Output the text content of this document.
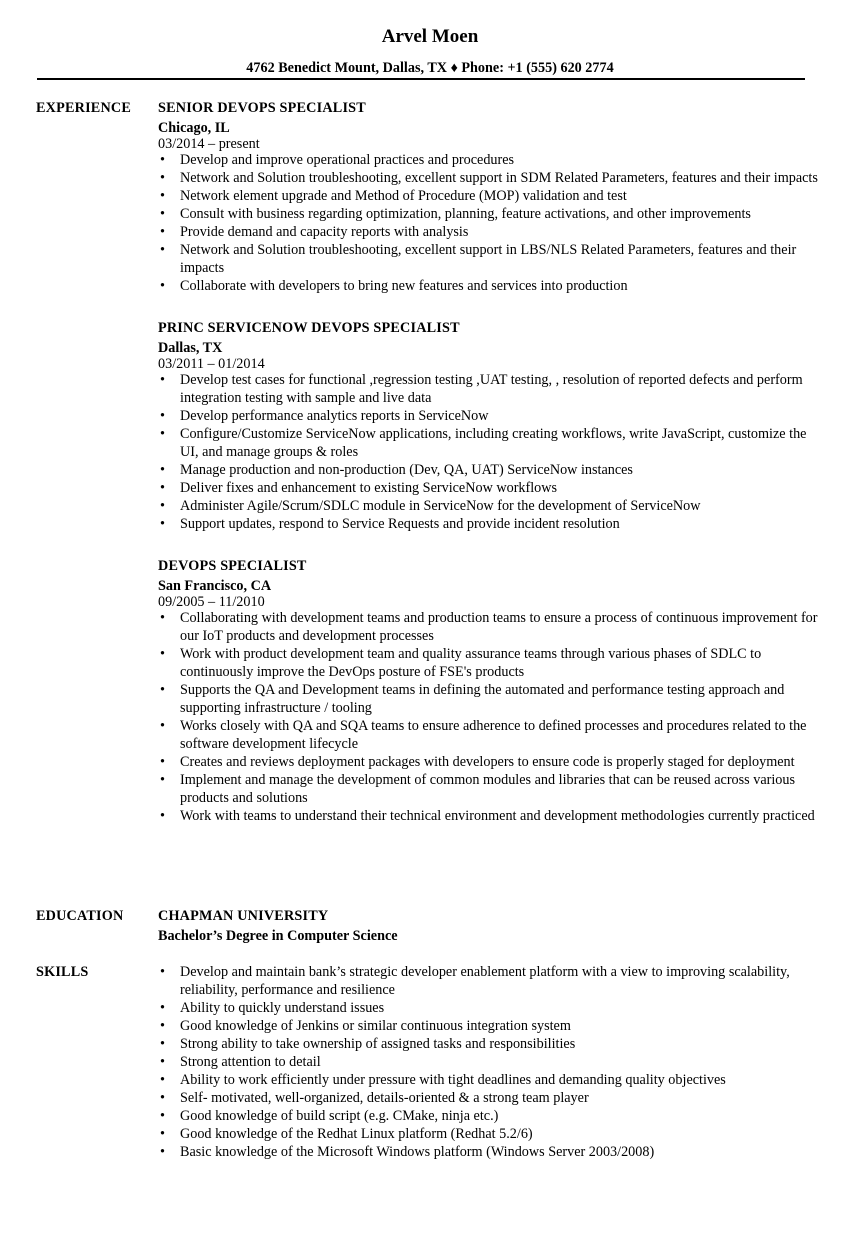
Arvel Moen
4762 Benedict Mount, Dallas, TX ♦ Phone: +1 (555) 620 2774
EXPERIENCE SENIOR DEVOPS SPECIALIST
Chicago, IL
03/2014 – present
• Develop and improve operational practices and procedures
• Network and Solution troubleshooting, excellent support in SDM Related Parameters, features and their impacts
• Network element upgrade and Method of Procedure (MOP) validation and test
• Consult with business regarding optimization, planning, feature activations, and other improvements
• Provide demand and capacity reports with analysis
• Network and Solution troubleshooting, excellent support in LBS/NLS Related Parameters, features and their impacts
• Collaborate with developers to bring new features and services into production
PRINC SERVICENOW DEVOPS SPECIALIST
Dallas, TX
03/2011 – 01/2014
• Develop test cases for functional ,regression testing ,UAT testing, , resolution of reported defects and perform integration testing with sample and live data
• Develop performance analytics reports in ServiceNow
• Configure/Customize ServiceNow applications, including creating workflows, write JavaScript, customize the UI, and manage groups & roles
• Manage production and non-production (Dev, QA, UAT) ServiceNow instances
• Deliver fixes and enhancement to existing ServiceNow workflows
• Administer Agile/Scrum/SDLC module in ServiceNow for the development of ServiceNow
• Support updates, respond to Service Requests and provide incident resolution
DEVOPS SPECIALIST
San Francisco, CA
09/2005 – 11/2010
• Collaborating with development teams and production teams to ensure a process of continuous improvement for our IoT products and development processes
• Work with product development team and quality assurance teams through various phases of SDLC to continuously improve the DevOps posture of FSE's products
• Supports the QA and Development teams in defining the automated and performance testing approach and supporting infrastructure / tooling
• Works closely with QA and SQA teams to ensure adherence to defined processes and procedures related to the software development lifecycle
• Creates and reviews deployment packages with developers to ensure code is properly staged for deployment
• Implement and manage the development of common modules and libraries that can be reused across various products and solutions
• Work with teams to understand their technical environment and development methodologies currently practiced
EDUCATION CHAPMAN UNIVERSITY
Bachelor’s Degree in Computer Science
SKILLS
•	Develop and maintain bank’s strategic developer enablement platform with a view to improving scalability, reliability, performance and resilience
• Ability to quickly understand issues
• Good knowledge of Jenkins or similar continuous integration system
• Strong ability to take ownership of assigned tasks and responsibilities
• Strong attention to detail
• Ability to work efficiently under pressure with tight deadlines and demanding quality objectives
• Self- motivated, well-organized, details-oriented & a strong team player
• Good knowledge of build script (e.g. CMake, ninja etc.)
• Good knowledge of the Redhat Linux platform (Redhat 5.2/6)
• Basic knowledge of the Microsoft Windows platform (Windows Server 2003/2008)
